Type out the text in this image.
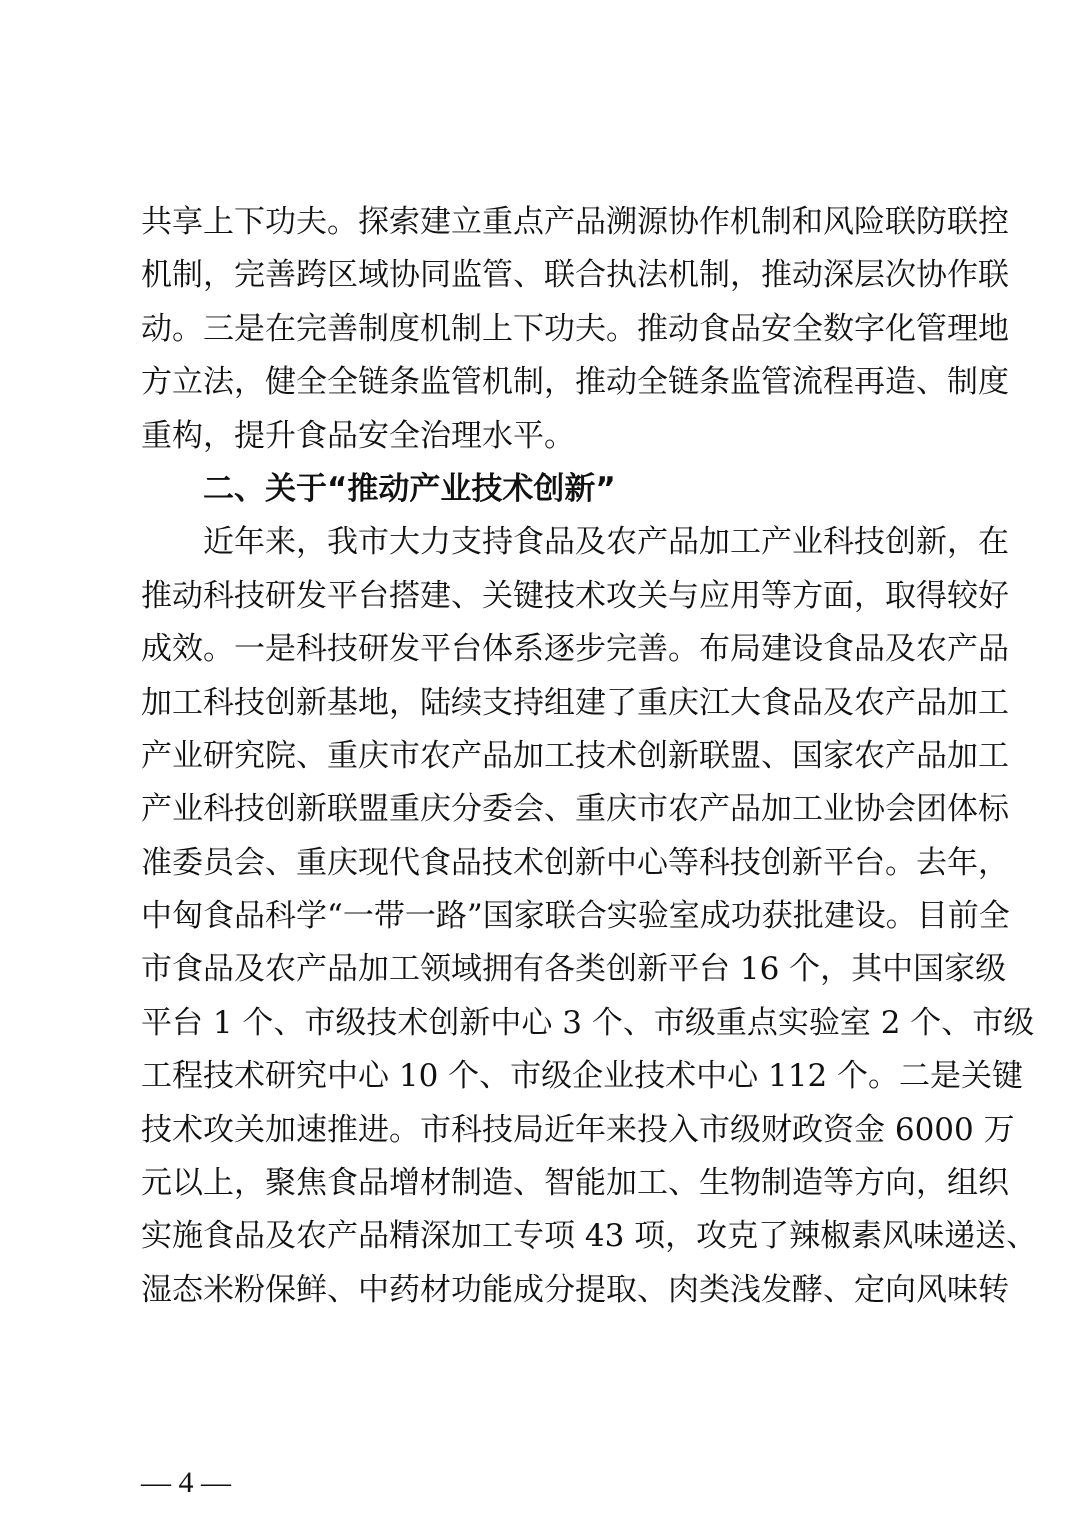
共享上下功夫。探索建立重点产品溯源协作机制和风险联防联控
机制，完善跨区域协同监管、联合执法机制，推动深层次协作联
动。三是在完善制度机制上下功夫。推动食品安全数字化管理地
方立法，健全全链条监管机制，推动全链条监管流程再造、制度
重构，提升食品安全治理水平。
二、关于“推动产业技术创新”
近年来，我市大力支持食品及农产品加工产业科技创新，在
推动科技研发平台搭建、关键技术攻关与应用等方面，取得较好
成效。一是科技研发平台体系逐步完善。布局建设食品及农产品
加工科技创新基地，陆续支持组建了重庆江大食品及农产品加工
产业研究院、重庆市农产品加工技术创新联盟、国家农产品加工
产业科技创新联盟重庆分委会、重庆市农产品加工业协会团体标
准委员会、重庆现代食品技术创新中心等科技创新平台。去年，
中匈食品科学“一带一路”国家联合实验室成功获批建设。目前全
市食品及农产品加工领域拥有各类创新平台 16 个，其中国家级
平台 1 个、市级技术创新中心 3 个、市级重点实验室 2 个、市级
工程技术研究中心 10 个、市级企业技术中心 112 个。二是关键
技术攻关加速推进。市科技局近年来投入市级财政资金 6000 万
元以上，聚焦食品增材制造、智能加工、生物制造等方向，组织
实施食品及农产品精深加工专项 43 项，攻克了辣椒素风味递送、
湿态米粉保鲜、中药材功能成分提取、肉类浅发酵、定向风味转
— 4 —
